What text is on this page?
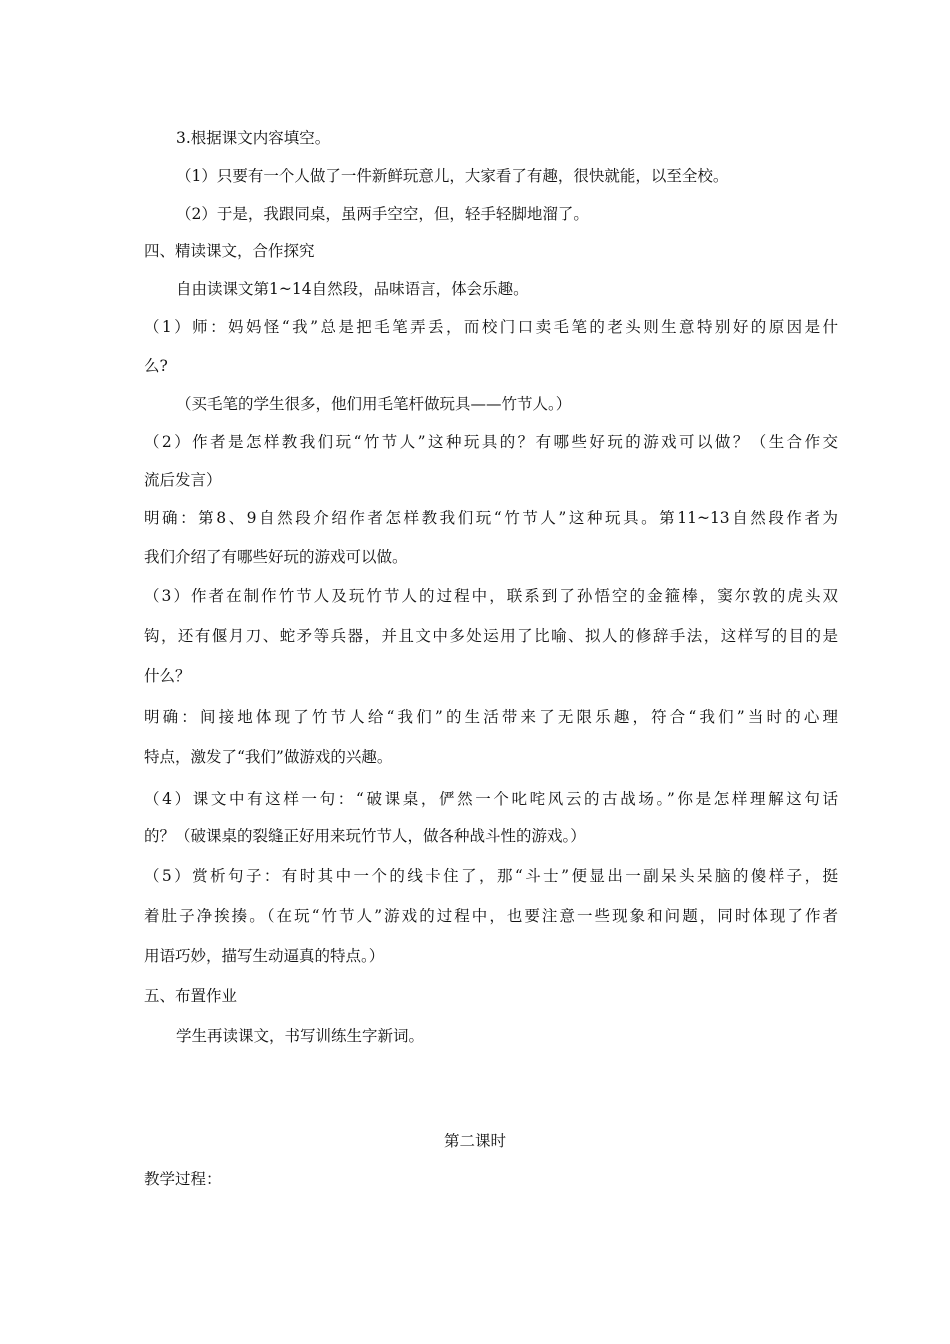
3.根据课文内容填空。

（1）只要有一个人做了一件新鲜玩意儿，大家看了有趣，很快就能，以至全校。

（2）于是，我跟同桌，虽两手空空，但，轻手轻脚地溜了。

四、精读课文，合作探究

自由读课文第1~14自然段，品味语言，体会乐趣。

（1）师：妈妈怪“我”总是把毛笔弄丢，而校门口卖毛笔的老头则生意特别好的原因是什

么?

（买毛笔的学生很多，他们用毛笔杆做玩具——竹节人。）

（2）作者是怎样教我们玩“竹节人”这种玩具的？有哪些好玩的游戏可以做？（生合作交

流后发言）

明确：第8、9自然段介绍作者怎样教我们玩“竹节人”这种玩具。第11~13自然段作者为

我们介绍了有哪些好玩的游戏可以做。

（3）作者在制作竹节人及玩竹节人的过程中，联系到了孙悟空的金箍棒，窦尔敦的虎头双

钩，还有偃月刀、蛇矛等兵器，并且文中多处运用了比喻、拟人的修辞手法，这样写的目的是

什么？

明确：间接地体现了竹节人给“我们”的生活带来了无限乐趣，符合“我们”当时的心理

特点，激发了“我们”做游戏的兴趣。

（4）课文中有这样一句：“破课桌，俨然一个叱咤风云的古战场。”你是怎样理解这句话

的？（破课桌的裂缝正好用来玩竹节人，做各种战斗性的游戏。）

（5）赏析句子：有时其中一个的线卡住了，那“斗士”便显出一副呆头呆脑的傻样子，挺

着肚子净挨揍。（在玩“竹节人”游戏的过程中，也要注意一些现象和问题，同时体现了作者

用语巧妙，描写生动逼真的特点。）

五、布置作业

学生再读课文，书写训练生字新词。

第二课时

教学过程：
